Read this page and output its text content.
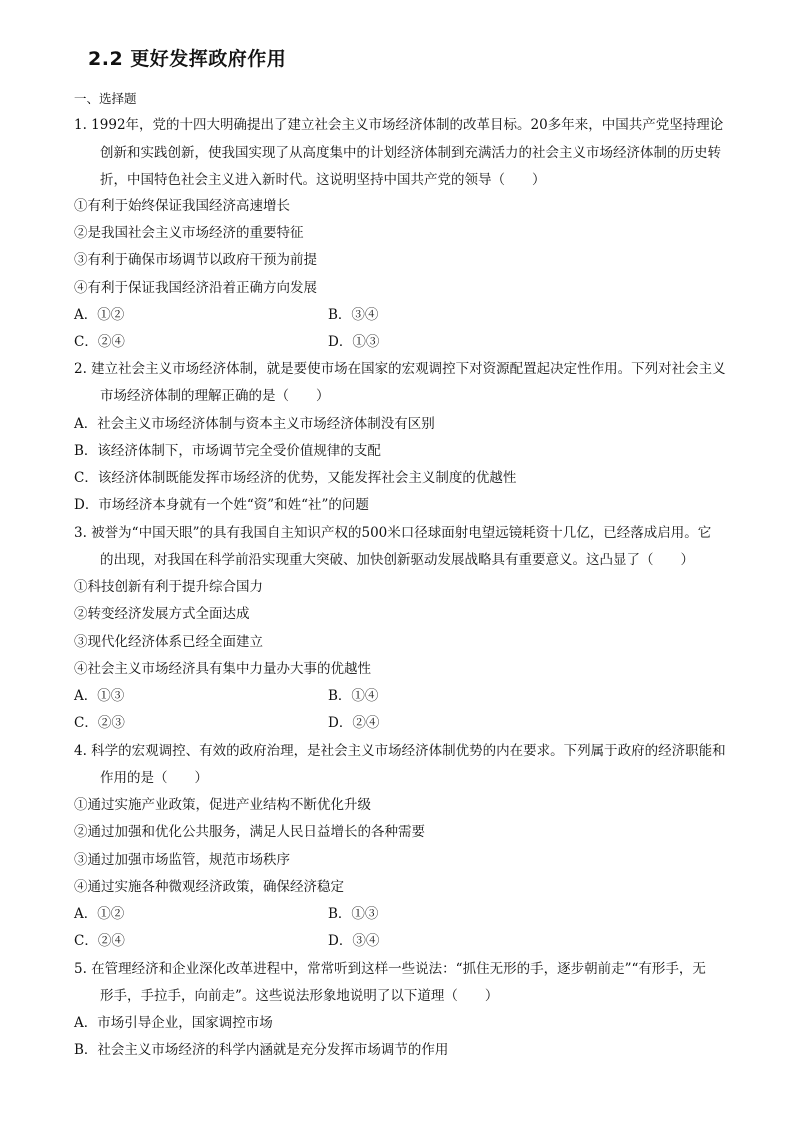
2.2 更好发挥政府作用
一、选择题
1. 1992年，党的十四大明确提出了建立社会主义市场经济体制的改革目标。20多年来，中国共产党坚持理论
创新和实践创新，使我国实现了从高度集中的计划经济体制到充满活力的社会主义市场经济体制的历史转
折，中国特色社会主义进入新时代。这说明坚持中国共产党的领导（　　）
①有利于始终保证我国经济高速增长
②是我国社会主义市场经济的重要特征
③有利于确保市场调节以政府干预为前提
④有利于保证我国经济沿着正确方向发展
A．①②	B．③④
C．②④	D．①③
2. 建立社会主义市场经济体制，就是要使市场在国家的宏观调控下对资源配置起决定性作用。下列对社会主义
市场经济体制的理解正确的是（　　）
A．社会主义市场经济体制与资本主义市场经济体制没有区别
B．该经济体制下，市场调节完全受价值规律的支配
C．该经济体制既能发挥市场经济的优势，又能发挥社会主义制度的优越性
D．市场经济本身就有一个姓“资”和姓“社”的问题
3. 被誉为“中国天眼”的具有我国自主知识产权的500米口径球面射电望远镜耗资十几亿，已经落成启用。它
的出现，对我国在科学前沿实现重大突破、加快创新驱动发展战略具有重要意义。这凸显了（　　）
①科技创新有利于提升综合国力
②转变经济发展方式全面达成
③现代化经济体系已经全面建立
④社会主义市场经济具有集中力量办大事的优越性
A．①③	B．①④
C．②③	D．②④
4. 科学的宏观调控、有效的政府治理，是社会主义市场经济体制优势的内在要求。下列属于政府的经济职能和
作用的是（　　）
①通过实施产业政策，促进产业结构不断优化升级
②通过加强和优化公共服务，满足人民日益增长的各种需要
③通过加强市场监管，规范市场秩序
④通过实施各种微观经济政策，确保经济稳定
A．①②	B．①③
C．②④	D．③④
5. 在管理经济和企业深化改革进程中，常常听到这样一些说法：“抓住无形的手，逐步朝前走”“有形手，无
形手，手拉手，向前走”。这些说法形象地说明了以下道理（　　）
A．市场引导企业，国家调控市场
B．社会主义市场经济的科学内涵就是充分发挥市场调节的作用
